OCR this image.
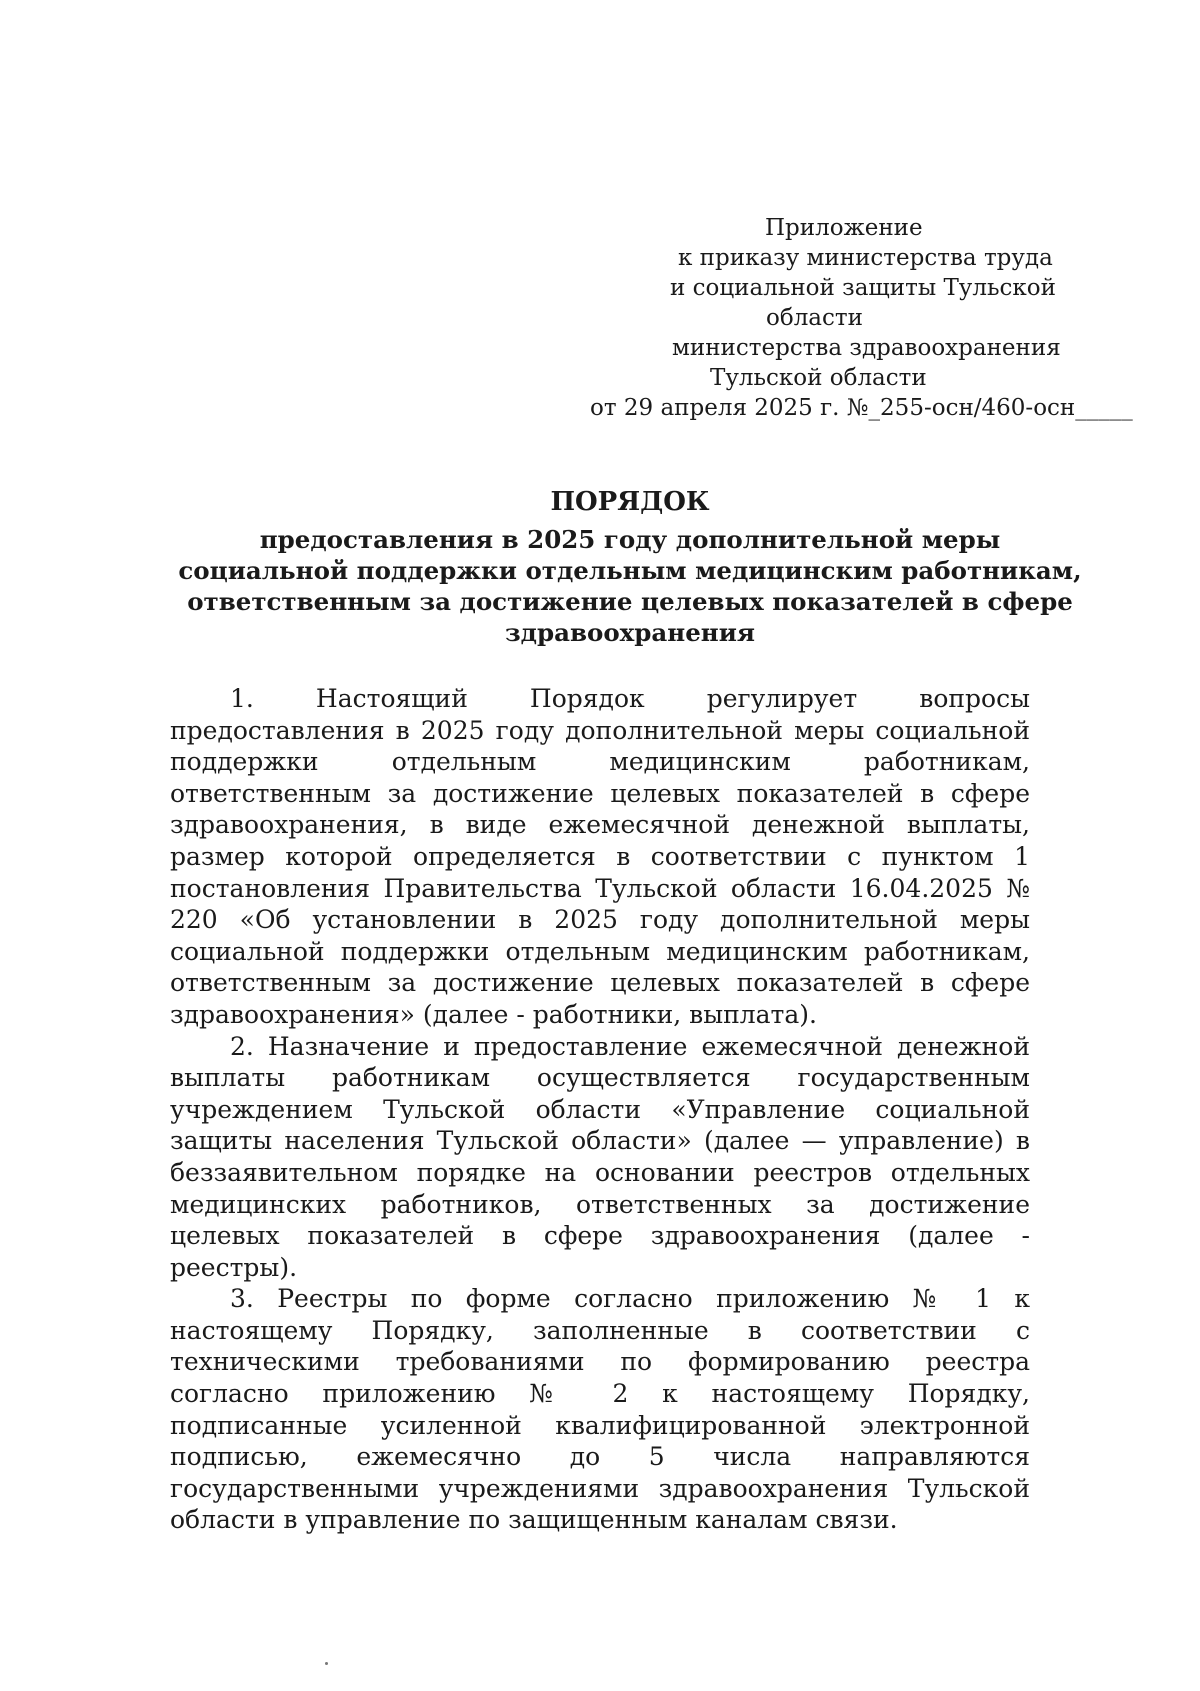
Приложение
к приказу министерства труда
и социальной защиты Тульской
области
министерства здравоохранения
Тульской области
от 29 апреля 2025 г. №_255-осн/460-осн_____
ПОРЯДОК
предоставления в 2025 году дополнительной меры
социальной поддержки отдельным медицинским работникам,
ответственным за достижение целевых показателей в сфере
здравоохранения

1. Настоящий Порядок регулирует вопросы предоставления в 2025 году дополнительной меры социальной поддержки отдельным медицинским работникам, ответственным за достижение целевых показателей в сфере здравоохранения, в виде ежемесячной денежной выплаты, размер которой определяется в соответствии с пунктом 1 постановления Правительства Тульской области 16.04.2025 № 220 «Об установлении в 2025 году дополнительной меры социальной поддержки отдельным медицинским работникам, ответственным за достижение целевых показателей в сфере здравоохранения» (далее - работники, выплата).

2. Назначение и предоставление ежемесячной денежной выплаты работникам осуществляется государственным учреждением Тульской области «Управление социальной защиты населения Тульской области» (далее — управление) в беззаявительном порядке на основании реестров отдельных медицинских работников, ответственных за достижение целевых показателей в сфере здравоохранения (далее - реестры).

3. Реестры по форме согласно приложению № 1 к настоящему Порядку, заполненные в соответствии с техническими требованиями по формированию реестра согласно приложению № 2 к настоящему Порядку, подписанные усиленной квалифицированной электронной подписью, ежемесячно до 5 числа направляются государственными учреждениями здравоохранения Тульской области в управление по защищенным каналам связи.
